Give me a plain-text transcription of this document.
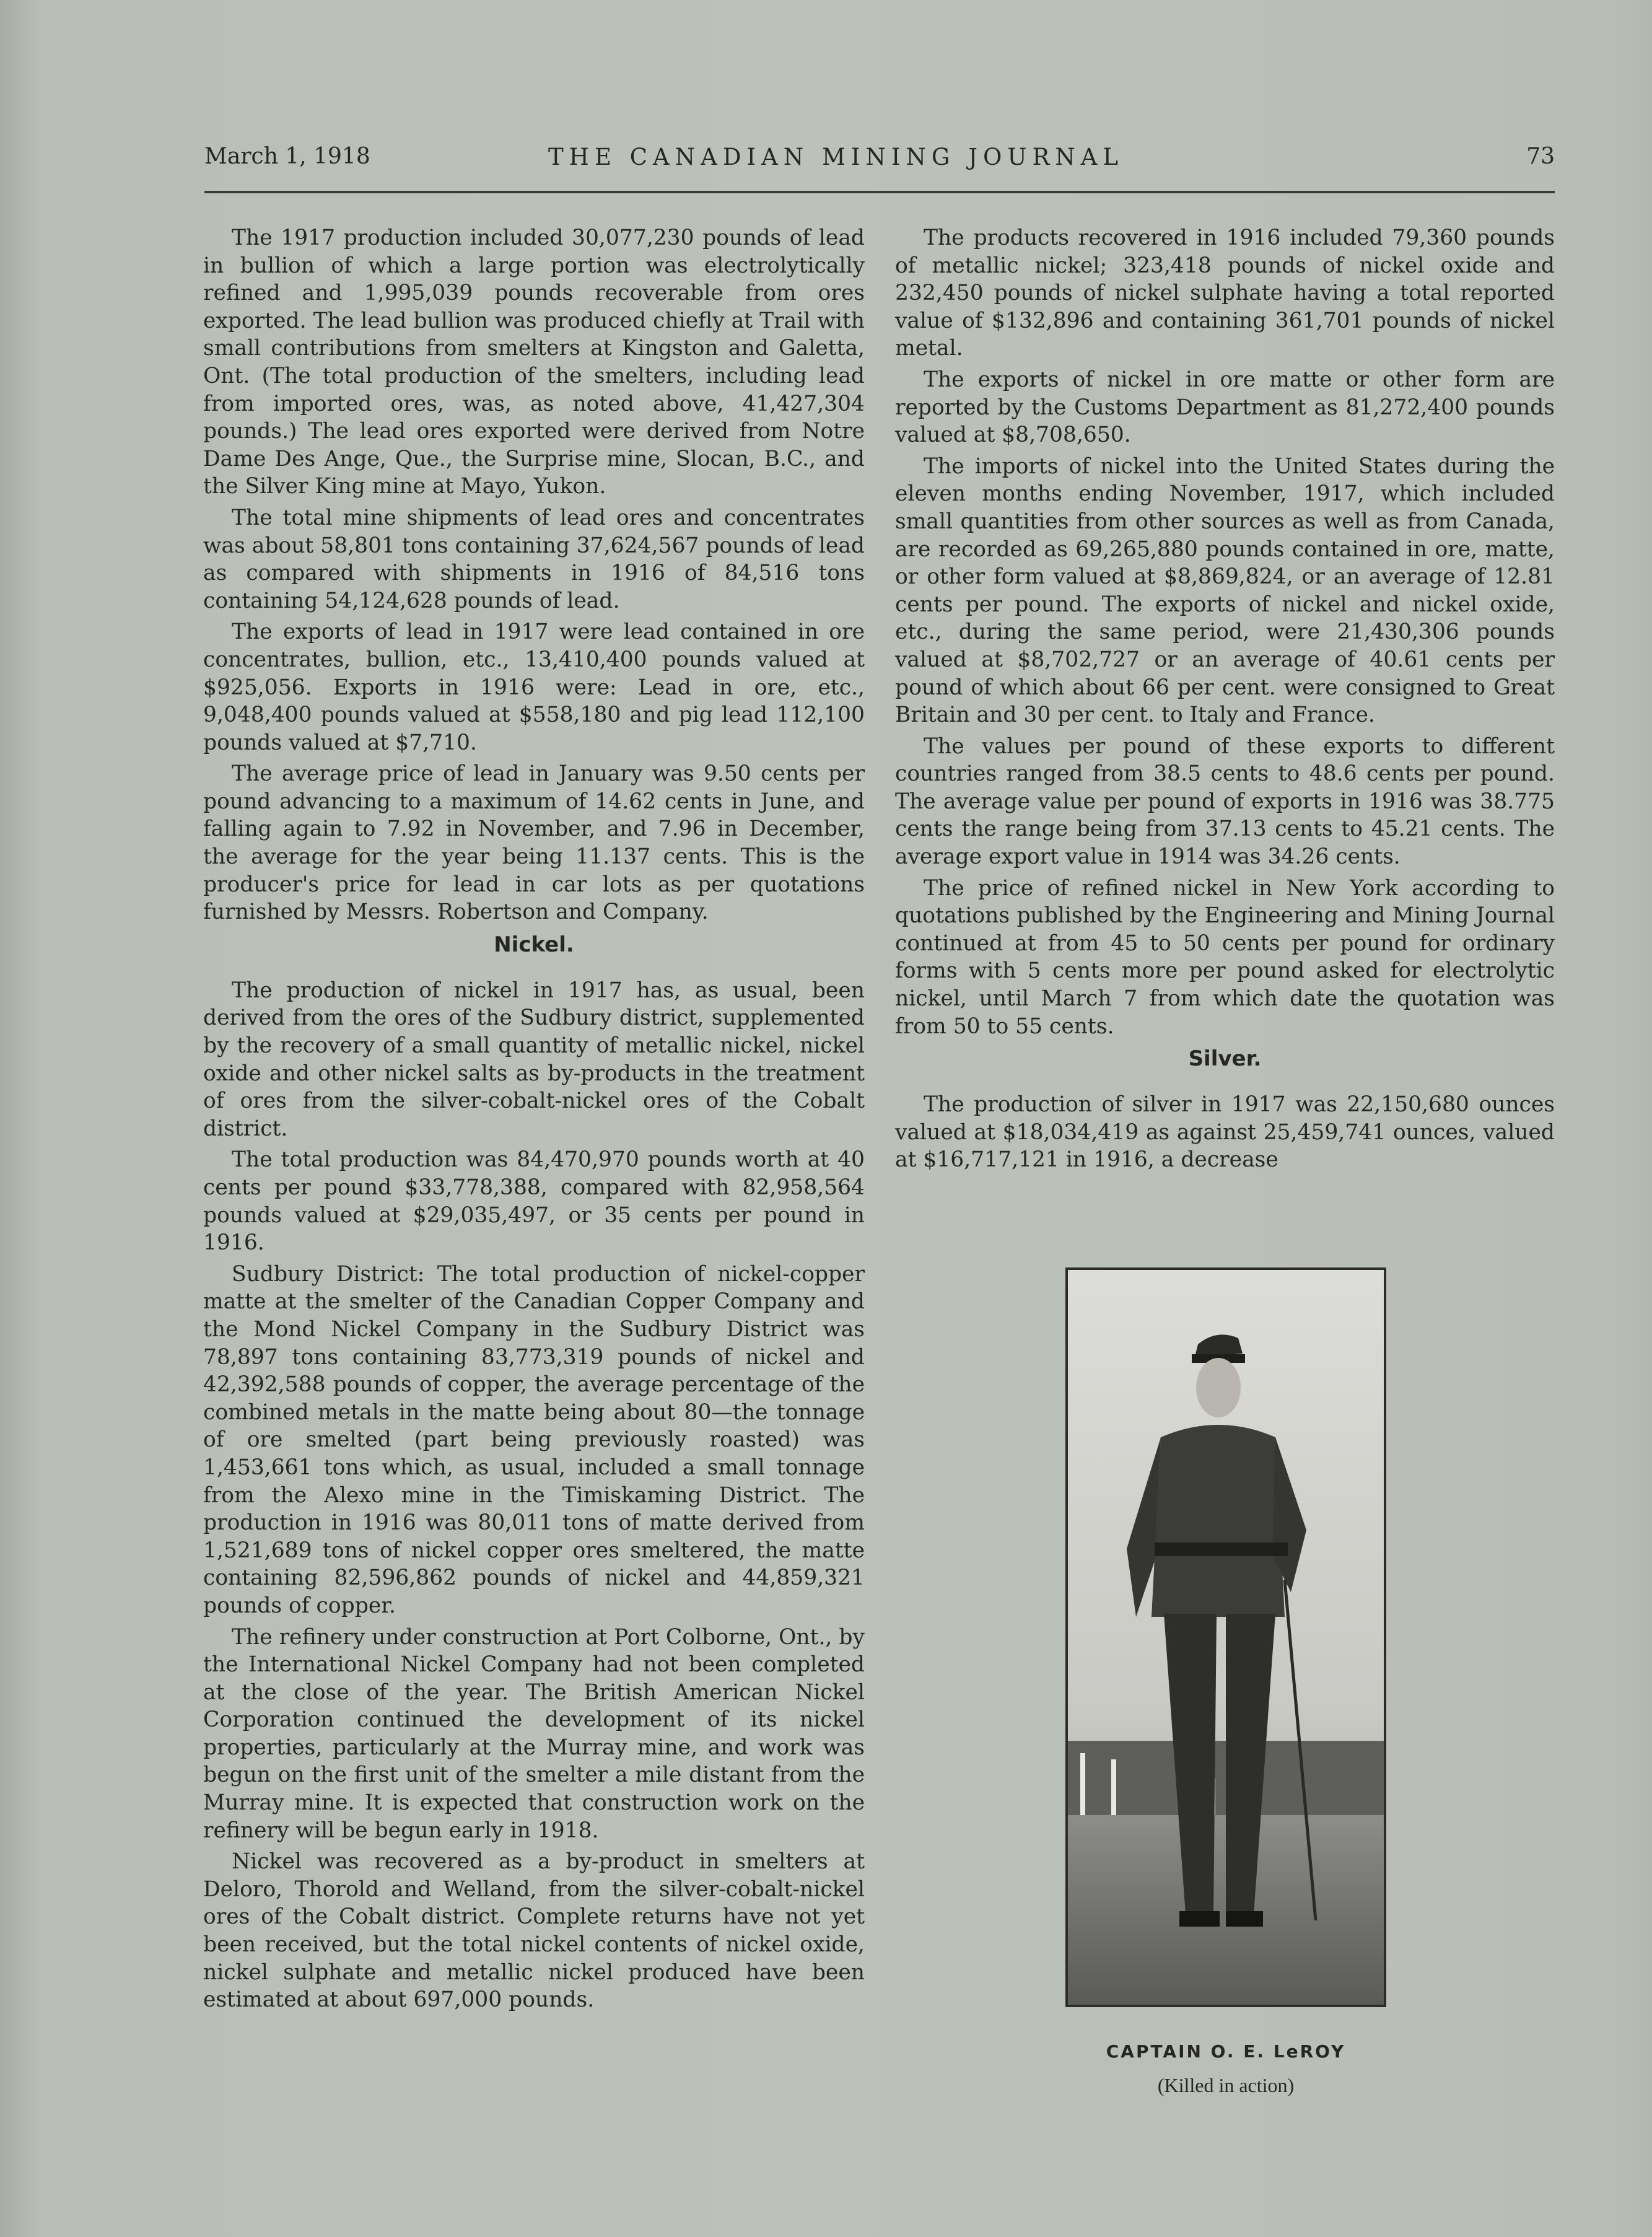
March 1, 1918	THE CANADIAN MINING JOURNAL	73

The 1917 production included 30,077,230 pounds of lead in bullion of which a large portion was electrolytically refined and 1,995,039 pounds recoverable from ores exported. The lead bullion was produced chiefly at Trail with small contributions from smelters at Kingston and Galetta, Ont. (The total production of the smelters, including lead from imported ores, was, as noted above, 41,427,304 pounds.) The lead ores exported were derived from Notre Dame Des Ange, Que., the Surprise mine, Slocan, B.C., and the Silver King mine at Mayo, Yukon.

The total mine shipments of lead ores and concentrates was about 58,801 tons containing 37,624,567 pounds of lead as compared with shipments in 1916 of 84,516 tons containing 54,124,628 pounds of lead.

The exports of lead in 1917 were lead contained in ore concentrates, bullion, etc., 13,410,400 pounds valued at $925,056. Exports in 1916 were: Lead in ore, etc., 9,048,400 pounds valued at $558,180 and pig lead 112,100 pounds valued at $7,710.

The average price of lead in January was 9.50 cents per pound advancing to a maximum of 14.62 cents in June, and falling again to 7.92 in November, and 7.96 in December, the average for the year being 11.137 cents. This is the producer's price for lead in car lots as per quotations furnished by Messrs. Robertson and Company.

Nickel.

The production of nickel in 1917 has, as usual, been derived from the ores of the Sudbury district, supplemented by the recovery of a small quantity of metallic nickel, nickel oxide and other nickel salts as by-products in the treatment of ores from the silver-cobalt-nickel ores of the Cobalt district.

The total production was 84,470,970 pounds worth at 40 cents per pound $33,778,388, compared with 82,958,564 pounds valued at $29,035,497, or 35 cents per pound in 1916.

Sudbury District: The total production of nickel-copper matte at the smelter of the Canadian Copper Company and the Mond Nickel Company in the Sudbury District was 78,897 tons containing 83,773,319 pounds of nickel and 42,392,588 pounds of copper, the average percentage of the combined metals in the matte being about 80—the tonnage of ore smelted (part being previously roasted) was 1,453,661 tons which, as usual, included a small tonnage from the Alexo mine in the Timiskaming District. The production in 1916 was 80,011 tons of matte derived from 1,521,689 tons of nickel copper ores smeltered, the matte containing 82,596,862 pounds of nickel and 44,859,321 pounds of copper.

The refinery under construction at Port Colborne, Ont., by the International Nickel Company had not been completed at the close of the year. The British American Nickel Corporation continued the development of its nickel properties, particularly at the Murray mine, and work was begun on the first unit of the smelter a mile distant from the Murray mine. It is expected that construction work on the refinery will be begun early in 1918.

Nickel was recovered as a by-product in smelters at Deloro, Thorold and Welland, from the silver-cobalt-nickel ores of the Cobalt district. Complete returns have not yet been received, but the total nickel contents of nickel oxide, nickel sulphate and metallic nickel produced have been estimated at about 697,000 pounds.

The products recovered in 1916 included 79,360 pounds of metallic nickel; 323,418 pounds of nickel oxide and 232,450 pounds of nickel sulphate having a total reported value of $132,896 and containing 361,701 pounds of nickel metal.

The exports of nickel in ore matte or other form are reported by the Customs Department as 81,272,400 pounds valued at $8,708,650.

The imports of nickel into the United States during the eleven months ending November, 1917, which included small quantities from other sources as well as from Canada, are recorded as 69,265,880 pounds contained in ore, matte, or other form valued at $8,869,824, or an average of 12.81 cents per pound. The exports of nickel and nickel oxide, etc., during the same period, were 21,430,306 pounds valued at $8,702,727 or an average of 40.61 cents per pound of which about 66 per cent. were consigned to Great Britain and 30 per cent. to Italy and France.

The values per pound of these exports to different countries ranged from 38.5 cents to 48.6 cents per pound. The average value per pound of exports in 1916 was 38.775 cents the range being from 37.13 cents to 45.21 cents. The average export value in 1914 was 34.26 cents.

The price of refined nickel in New York according to quotations published by the Engineering and Mining Journal continued at from 45 to 50 cents per pound for ordinary forms with 5 cents more per pound asked for electrolytic nickel, until March 7 from which date the quotation was from 50 to 55 cents.

Silver.

The production of silver in 1917 was 22,150,680 ounces valued at $18,034,419 as against 25,459,741 ounces, valued at $16,717,121 in 1916, a decrease

CAPTAIN O. E. LeROY
(Killed in action)
